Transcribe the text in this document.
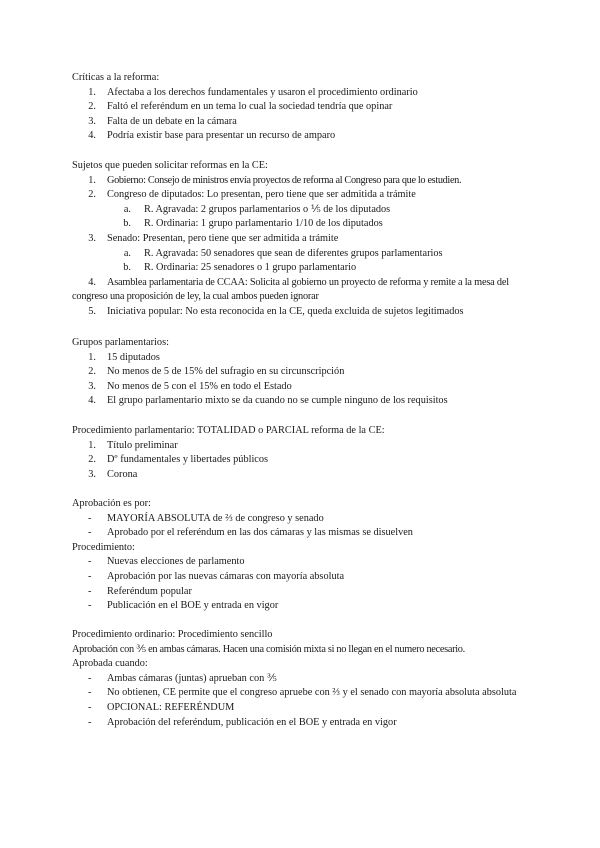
Críticas a la reforma:
1. Afectaba a los derechos fundamentales y usaron el procedimiento ordinario
2. Faltó el referéndum en un tema lo cual la sociedad tendría que opinar
3. Falta de un debate en la cámara
4. Podría existir base para presentar un recurso de amparo
Sujetos que pueden solicitar reformas en la CE:
1. Gobierno: Consejo de ministros envía proyectos de reforma al Congreso para que lo estudien.
2. Congreso de diputados: Lo presentan, pero tiene que ser admitida a trámite
a. R. Agravada: 2 grupos parlamentarios o ⅕ de los diputados
b. R. Ordinaria: 1 grupo parlamentario 1/10 de los diputados
3. Senado: Presentan, pero tiene que ser admitida a trámite
a. R. Agravada: 50 senadores que sean de diferentes grupos parlamentarios
b. R. Ordinaria: 25 senadores o 1 grupo parlamentario
4.	Asamblea parlamentaria de CCAA: Solicita al gobierno un proyecto de reforma y remite a la mesa del congreso una proposición de ley, la cual ambos pueden ignorar
5. Iniciativa popular: No esta reconocida en la CE, queda excluida de sujetos legitimados
Grupos parlamentarios:
1. 15 diputados
2. No menos de 5 de 15% del sufragio en su circunscripción
3. No menos de 5 con el 15% en todo el Estado
4. El grupo parlamentario mixto se da cuando no se cumple ninguno de los requisitos
Procedimiento parlamentario: TOTALIDAD o PARCIAL reforma de la CE:
1. Título preliminar
2. Dº fundamentales y libertades públicos
3. Corona
Aprobación es por:
-	MAYORÍA ABSOLUTA de ⅔ de congreso y senado
-	Aprobado por el referéndum en las dos cámaras y las mismas se disuelven
Procedimiento:
-	Nuevas elecciones de parlamento
-	Aprobación por las nuevas cámaras con mayoría absoluta
-	Referéndum popular
-	Publicación en el BOE y entrada en vigor
Procedimiento ordinario: Procedimiento sencillo
Aprobación con ⅗ en ambas cámaras. Hacen una comisión mixta si no llegan en el numero necesario.
Aprobada cuando:
-	Ambas cámaras (juntas) aprueban con ⅗
-	No obtienen, CE permite que el congreso apruebe con ⅔ y el senado con mayoría absoluta absoluta
-	OPCIONAL: REFERÉNDUM
-	Aprobación del referéndum, publicación en el BOE y entrada en vigor
